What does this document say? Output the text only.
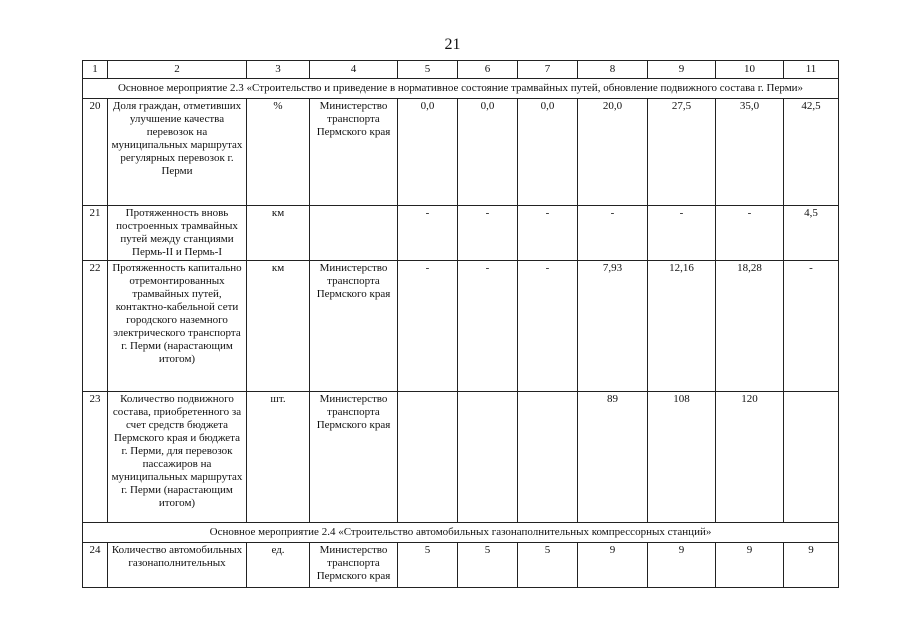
21
1	2	3	4	5	6	7	8	9	10	11
Основное мероприятие 2.3 «Строительство и приведение в нормативное состояние трамвайных путей, обновление подвижного состава г. Перми»										
20	Доля граждан, отметивших улучшение качества перевозок на муниципальных маршрутах регулярных перевозок г. Перми	%	Министерство транспорта Пермского края	0,0	0,0	0,0	20,0	27,5	35,0	42,5
21	Протяженность вновь построенных трамвайных путей между станциями Пермь-II и Пермь-I	км		-	-	-	-	-	-	4,5
22	Протяженность капитально отремонтированных трамвайных путей, контактно-кабельной сети городского наземного электрического транспорта г. Перми (нарастающим итогом)	км	Министерство транспорта Пермского края	-	-	-	7,93	12,16	18,28	-
23	Количество подвижного состава, приобретенного за счет средств бюджета Пермского края и бюджета г. Перми, для перевозок пассажиров на муниципальных маршрутах г. Перми (нарастающим итогом)	шт.	Министерство транспорта Пермского края				89	108	120	
Основное мероприятие 2.4 «Строительство автомобильных газонаполнительных компрессорных станций»										
24	Количество автомобильных газонаполнительных	ед.	Министерство транспорта Пермского края	5	5	5	9	9	9	9
